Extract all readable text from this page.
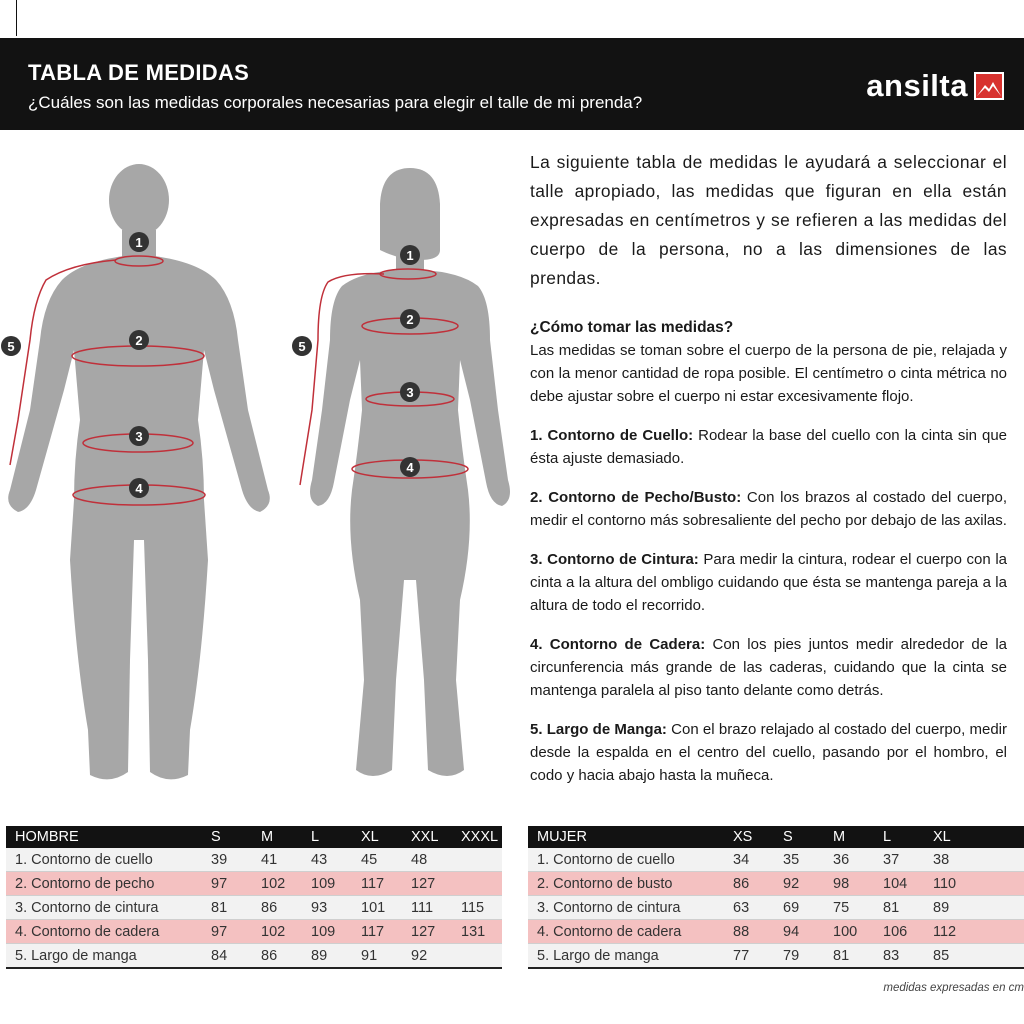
TABLA DE MEDIDAS
¿Cuáles son las medidas corporales necesarias para elegir el talle de mi prenda?	ansilta
1
2
3
4
5
1
2
3
4
5

La siguiente tabla de medidas le ayudará a seleccionar el talle apropiado, las medidas que figuran en ella están expresadas en centímetros y se refieren a las medidas del cuerpo de la persona, no a las dimensiones de las prendas.

¿Cómo tomar las medidas?

Las medidas se toman sobre el cuerpo de la persona de pie, relajada y con la menor cantidad de ropa posible. El centímetro o cinta métrica no debe ajustar sobre el cuerpo ni estar excesivamente flojo.

1. Contorno de Cuello: Rodear la base del cuello con la cinta sin que ésta ajuste demasiado.

2. Contorno de Pecho/Busto: Con los brazos al costado del cuerpo, medir el contorno más sobresaliente del pecho por debajo de las axilas.

3. Contorno de Cintura: Para medir la cintura, rodear el cuerpo con la cinta a la altura del ombligo cuidando que ésta se mantenga pareja a la altura de todo el recorrido.

4. Contorno de Cadera: Con los pies juntos medir alrededor de la circunferencia más grande de las caderas, cuidando que la cinta se mantenga paralela al piso tanto delante como detrás.

5. Largo de Manga: Con el brazo relajado al costado del cuerpo, medir desde la espalda en el centro del cuello, pasando por el hombro, el codo y hacia abajo hasta la muñeca.

HOMBRE	S	M	L	XL	XXL	XXXL
1. Contorno de cuello	39	41	43	45	48	
2. Contorno de pecho	97	102	109	117	127	
3. Contorno de cintura	81	86	93	101	111	115
4. Contorno de cadera	97	102	109	117	127	131
5. Largo de manga	84	86	89	91	92	
MUJER	XS	S	M	L	XL
1. Contorno de cuello	34	35	36	37	38
2. Contorno de busto	86	92	98	104	110
3. Contorno de cintura	63	69	75	81	89
4. Contorno de cadera	88	94	100	106	112
5. Largo de manga	77	79	81	83	85
medidas expresadas en cm
